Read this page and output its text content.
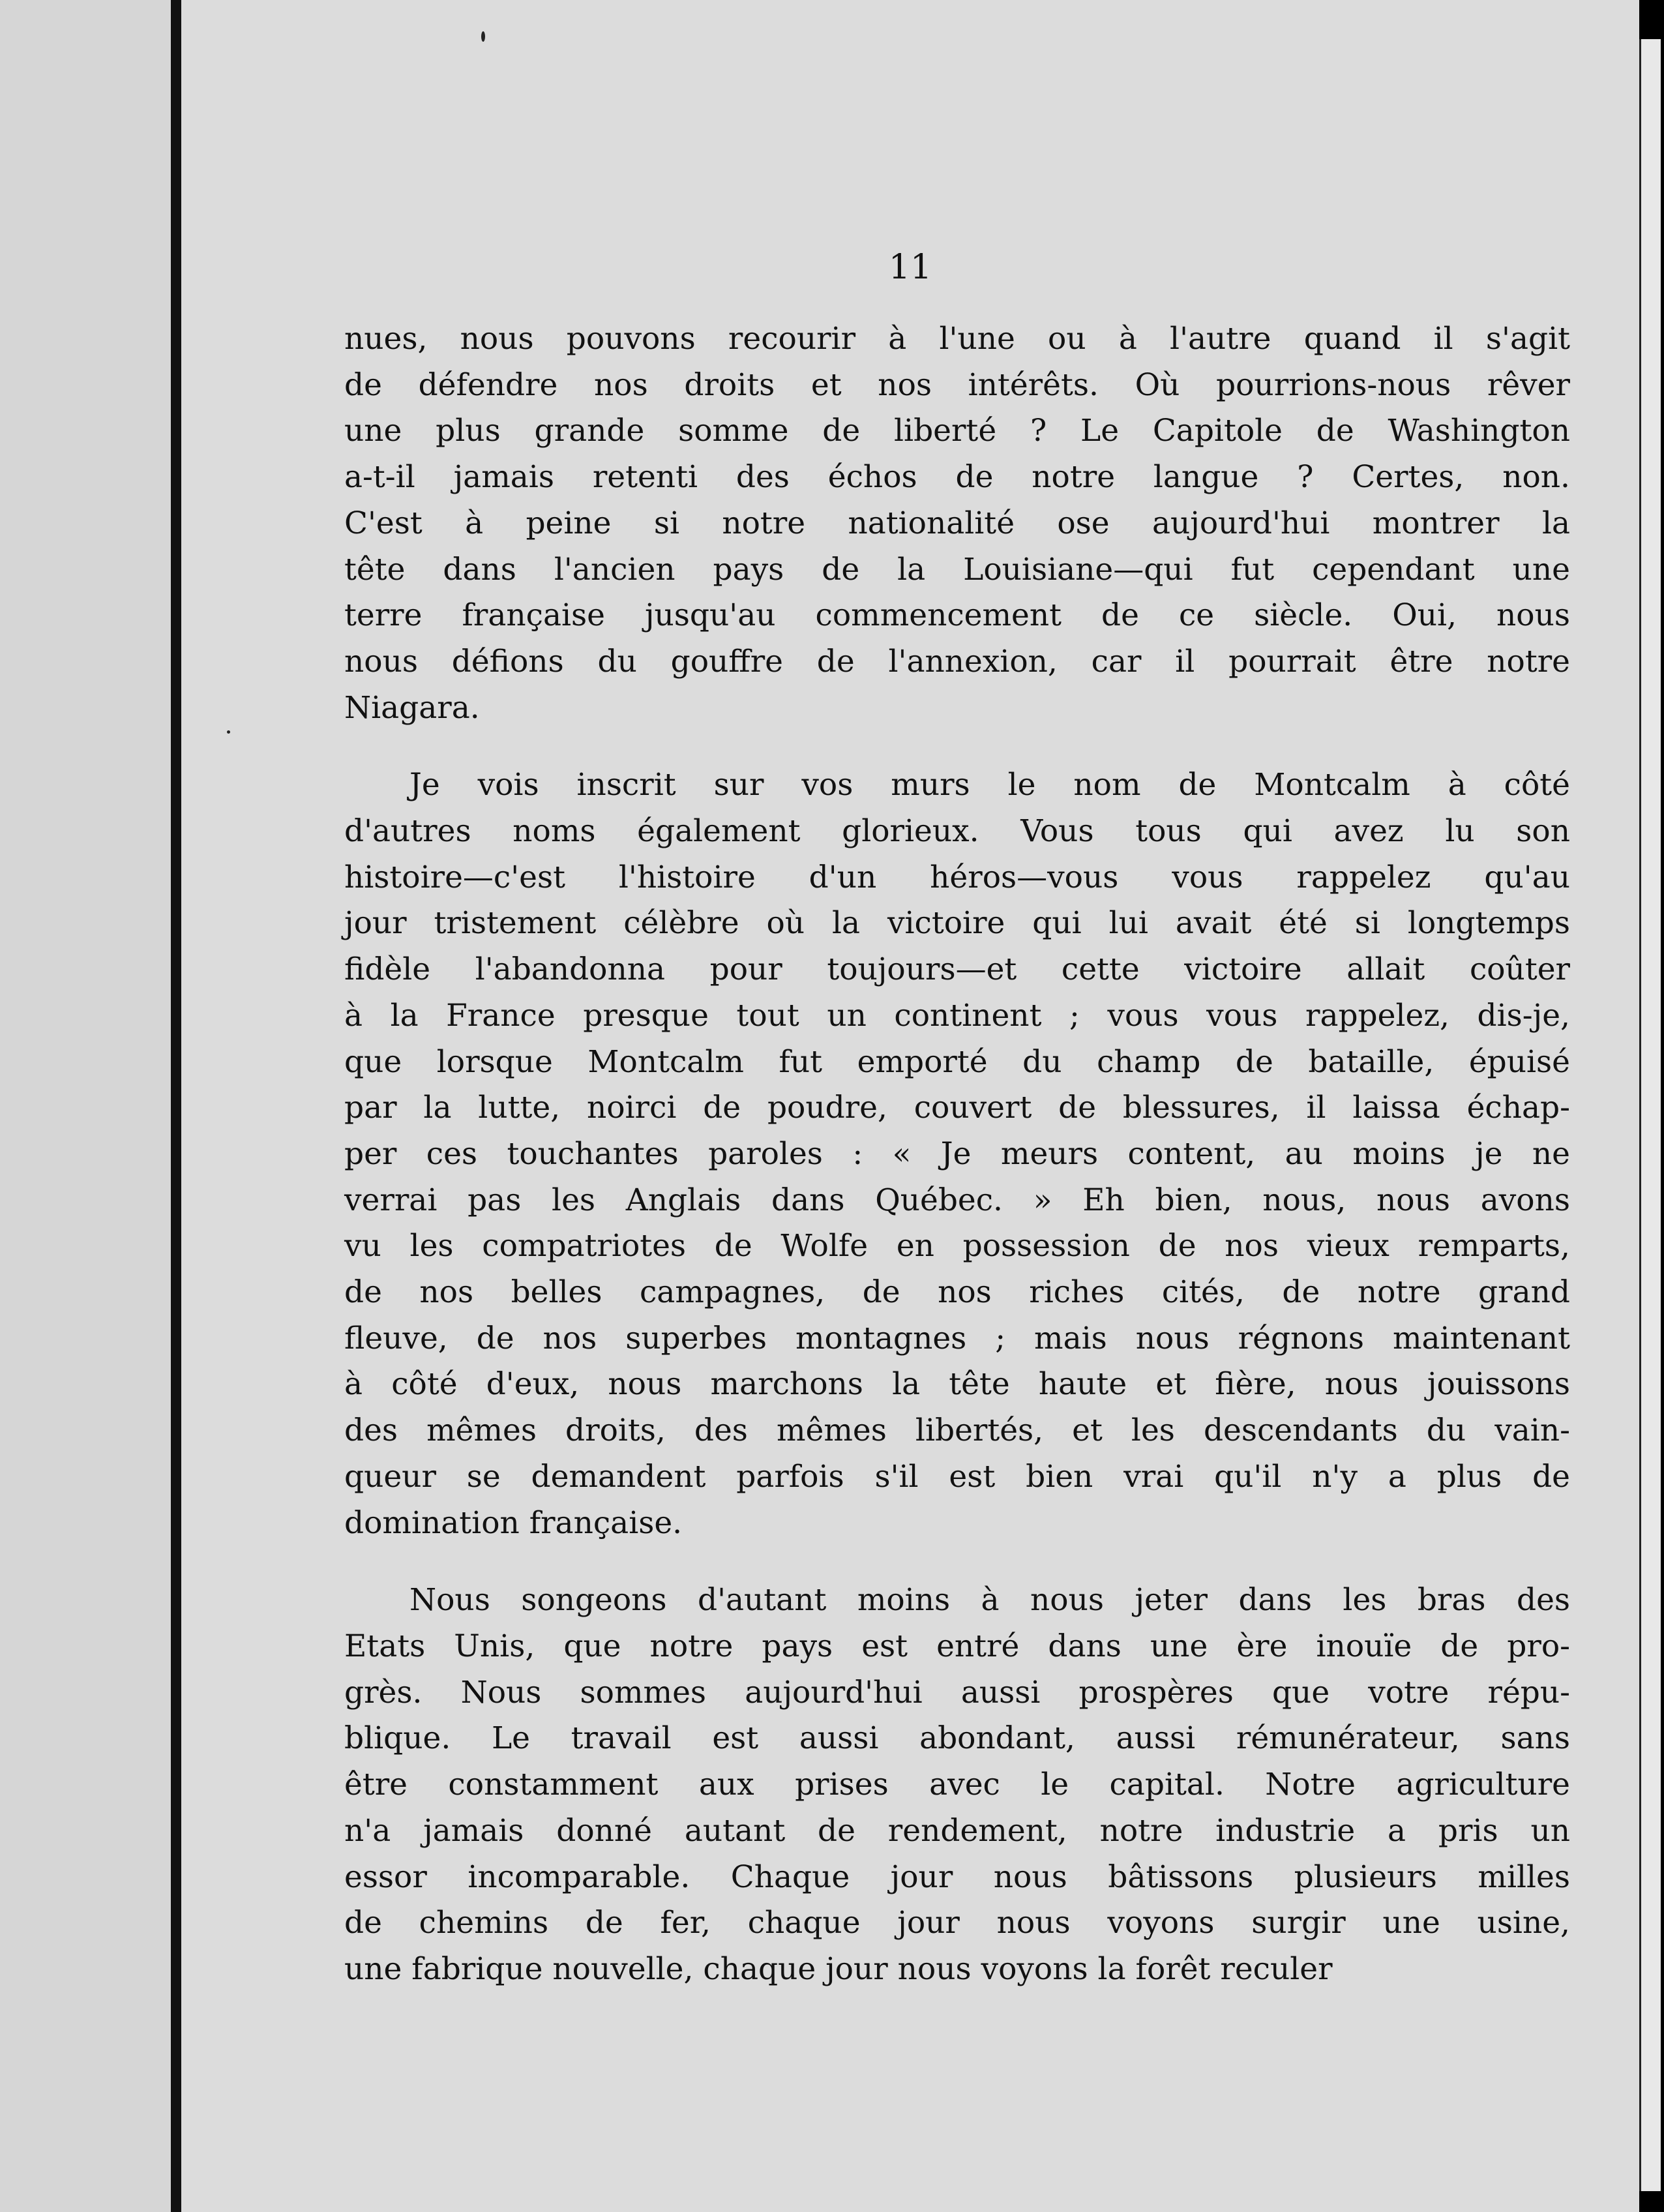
11

nues, nous pouvons recourir à l'une ou à l'autre quand il s'agit
de défendre nos droits et nos intérêts. Où pourrions-nous rêver
une plus grande somme de liberté ? Le Capitole de Washington
a-t-il jamais retenti des échos de notre langue ? Certes, non.
C'est à peine si notre nationalité ose aujourd'hui montrer la
tête dans l'ancien pays de la Louisiane—qui fut cependant une
terre française jusqu'au commencement de ce siècle. Oui, nous
nous défions du gouffre de l'annexion, car il pourrait être notre
Niagara.
Je vois inscrit sur vos murs le nom de Montcalm à côté
d'autres noms également glorieux. Vous tous qui avez lu son
histoire—c'est l'histoire d'un héros—vous vous rappelez qu'au
jour tristement célèbre où la victoire qui lui avait été si longtemps
fidèle l'abandonna pour toujours—et cette victoire allait coûter
à la France presque tout un continent ; vous vous rappelez, dis-je,
que lorsque Montcalm fut emporté du champ de bataille, épuisé
par la lutte, noirci de poudre, couvert de blessures, il laissa échap-
per ces touchantes paroles : « Je meurs content, au moins je ne
verrai pas les Anglais dans Québec. » Eh bien, nous, nous avons
vu les compatriotes de Wolfe en possession de nos vieux remparts,
de nos belles campagnes, de nos riches cités, de notre grand
fleuve, de nos superbes montagnes ; mais nous régnons maintenant
à côté d'eux, nous marchons la tête haute et fière, nous jouissons
des mêmes droits, des mêmes libertés, et les descendants du vain-
queur se demandent parfois s'il est bien vrai qu'il n'y a plus de
domination française.
Nous songeons d'autant moins à nous jeter dans les bras des
Etats Unis, que notre pays est entré dans une ère inouïe de pro-
grès. Nous sommes aujourd'hui aussi prospères que votre répu-
blique. Le travail est aussi abondant, aussi rémunérateur, sans
être constamment aux prises avec le capital. Notre agriculture
n'a jamais donné autant de rendement, notre industrie a pris un
essor incomparable. Chaque jour nous bâtissons plusieurs milles
de chemins de fer, chaque jour nous voyons surgir une usine,
une fabrique nouvelle, chaque jour nous voyons la forêt reculer
